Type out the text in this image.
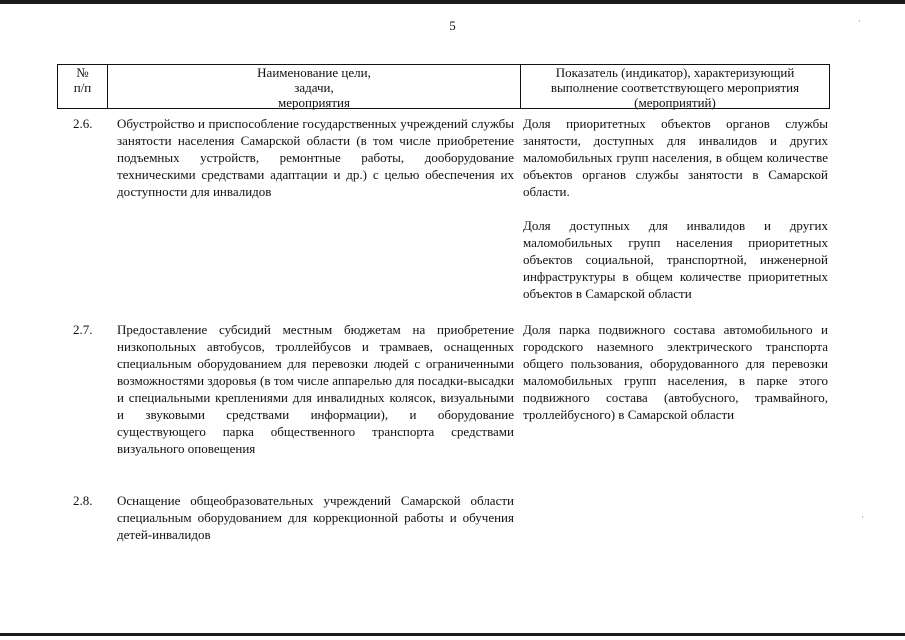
·
·
5
№
п/п
Наименование цели,
задачи,
мероприятия
Показатель (индикатор), характеризующий
выполнение соответствующего мероприятия
(мероприятий)
2.6. Обустройство и приспособление государственных учреждений службы занятости населения Самарской области (в том числе приобретение подъемных устройств, ремонтные работы, дооборудование техническими средствами адаптации и др.) с целью обеспечения их доступности для инвалидов

Доля приоритетных объектов органов службы занятости, доступных для инвалидов и других маломобильных групп населения, в общем количестве объектов органов службы занятости в Самарской области.

Доля доступных для инвалидов и других маломобильных групп населения приоритетных объектов социальной, транспортной, инженерной инфраструктуры в общем количестве приоритетных объектов в Самарской области

2.7. Предоставление субсидий местным бюджетам на приобретение низкопольных автобусов, троллейбусов и трамваев, оснащенных специальным оборудованием для перевозки людей с ограниченными возможностями здоровья (в том числе аппарелью для посадки-высадки и специальными креплениями для инвалидных колясок, визуальными и звуковыми средствами информации), и оборудование существующего парка общественного транспорта средствами визуального оповещения

Доля парка подвижного состава автомобильного и городского наземного электрического транспорта общего пользования, оборудованного для перевозки маломобильных групп населения, в парке этого подвижного состава (автобусного, трамвайного, троллейбусного) в Самарской области

2.8. Оснащение общеобразовательных учреждений Самарской области специальным оборудованием для коррекционной работы и обучения детей-инвалидов
